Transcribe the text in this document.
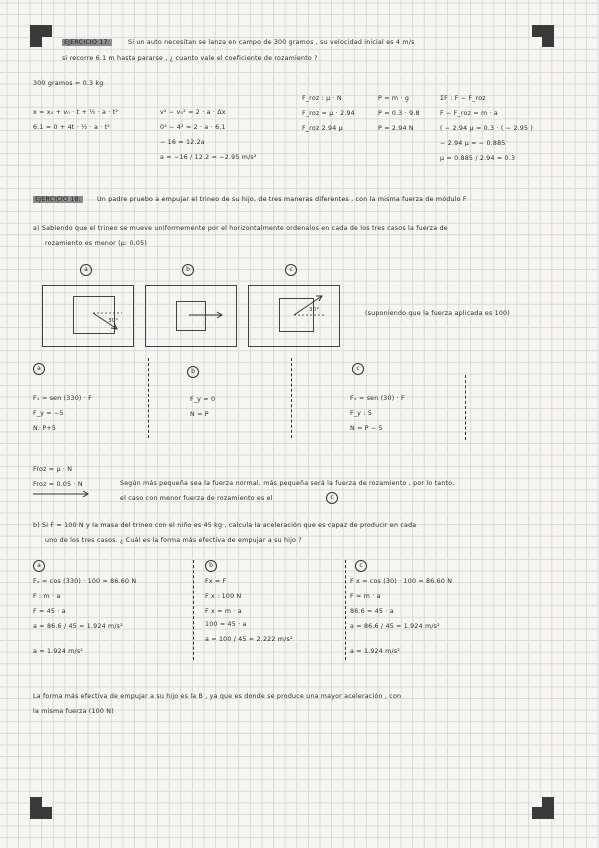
EJERCICIO 17:	Si un auto necesitan se lanza en campo de 300 gramos , su velocidad inicial es 4 m/s
si recorre 6.1 m hasta pararse , ¿ cuanto vale el coeficiente de rozamiento ?
300 gramos = 0.3 kg
x = x₀ + v₀ · t + ½ · a · t²
6.1 = 0 + 4t · ½ · a · t²
v² − v₀² = 2 · a · Δx
0² − 4² = 2 · a · 6.1
− 16 = 12.2a
a = −16 / 12.2 = −2.95 m/s²
F_roz : μ · N
F_roz = μ · 2.94
F_roz 2.94 μ
P = m · g
P = 0.3 · 9.8
P = 2.94 N
ΣF : F − F_roz
F − F_roz = m · a
( − 2.94 μ = 0.3 · ( − 2.95 )
− 2.94 μ = − 0.885
μ = 0.885 / 2.94 = 0.3
EJERCICIO 18:	Un padre pruebo a empujar el trineo de su hijo, de tres maneras diferentes , con la misma fuerza de módulo F
a) Sabiendo que el trineo se mueve uniformemente por el horizontalmente ordenalos en cada de los tres casos la fuerza de
rozamiento es menor (μ: 0.05)
a	b	c
30°
30°	(suponiendo que la fuerza aplicada es 100)
a	b	c
Fₓ = sen (330) · F
F_y = −5
N: P+5
F_y = 0
N = P
Fₓ = sen (30) · F
F_y : 5
N = P − 5
Froz = μ · N
Froz = 0.05 · N	Según más pequeña sea la fuerza normal, más pequeña será la fuerza de rozamiento , por lo tanto,
el caso con menor fuerza de rozamiento es el	c
b) Si F = 100 N y la masa del trineo con el niño es 45 kg , calcula la aceleración que es capaz de producir en cada
uno de los tres casos. ¿ Cuál es la forma más efectiva de empujar a su hijo ?
a	b	c
Fₓ = cos (330) · 100 = 86.60 N
F : m · a
F = 45 · a
a = 86.6 / 45 = 1.924 m/s²
a = 1.924 m/s²
Fx = F
F x : 100 N
F x = m · a
100 = 45 · a
a = 100 / 45 = 2.222 m/s²
F x = cos (30) · 100 = 86.60 N
F = m · a
86.6 = 45 · a
a = 86.6 / 45 = 1.924 m/s²
a = 1.924 m/s²
La forma más efectiva de empujar a su hijo es la B , ya que es donde se produce una mayor aceleración , con
la misma fuerza (100 N)
